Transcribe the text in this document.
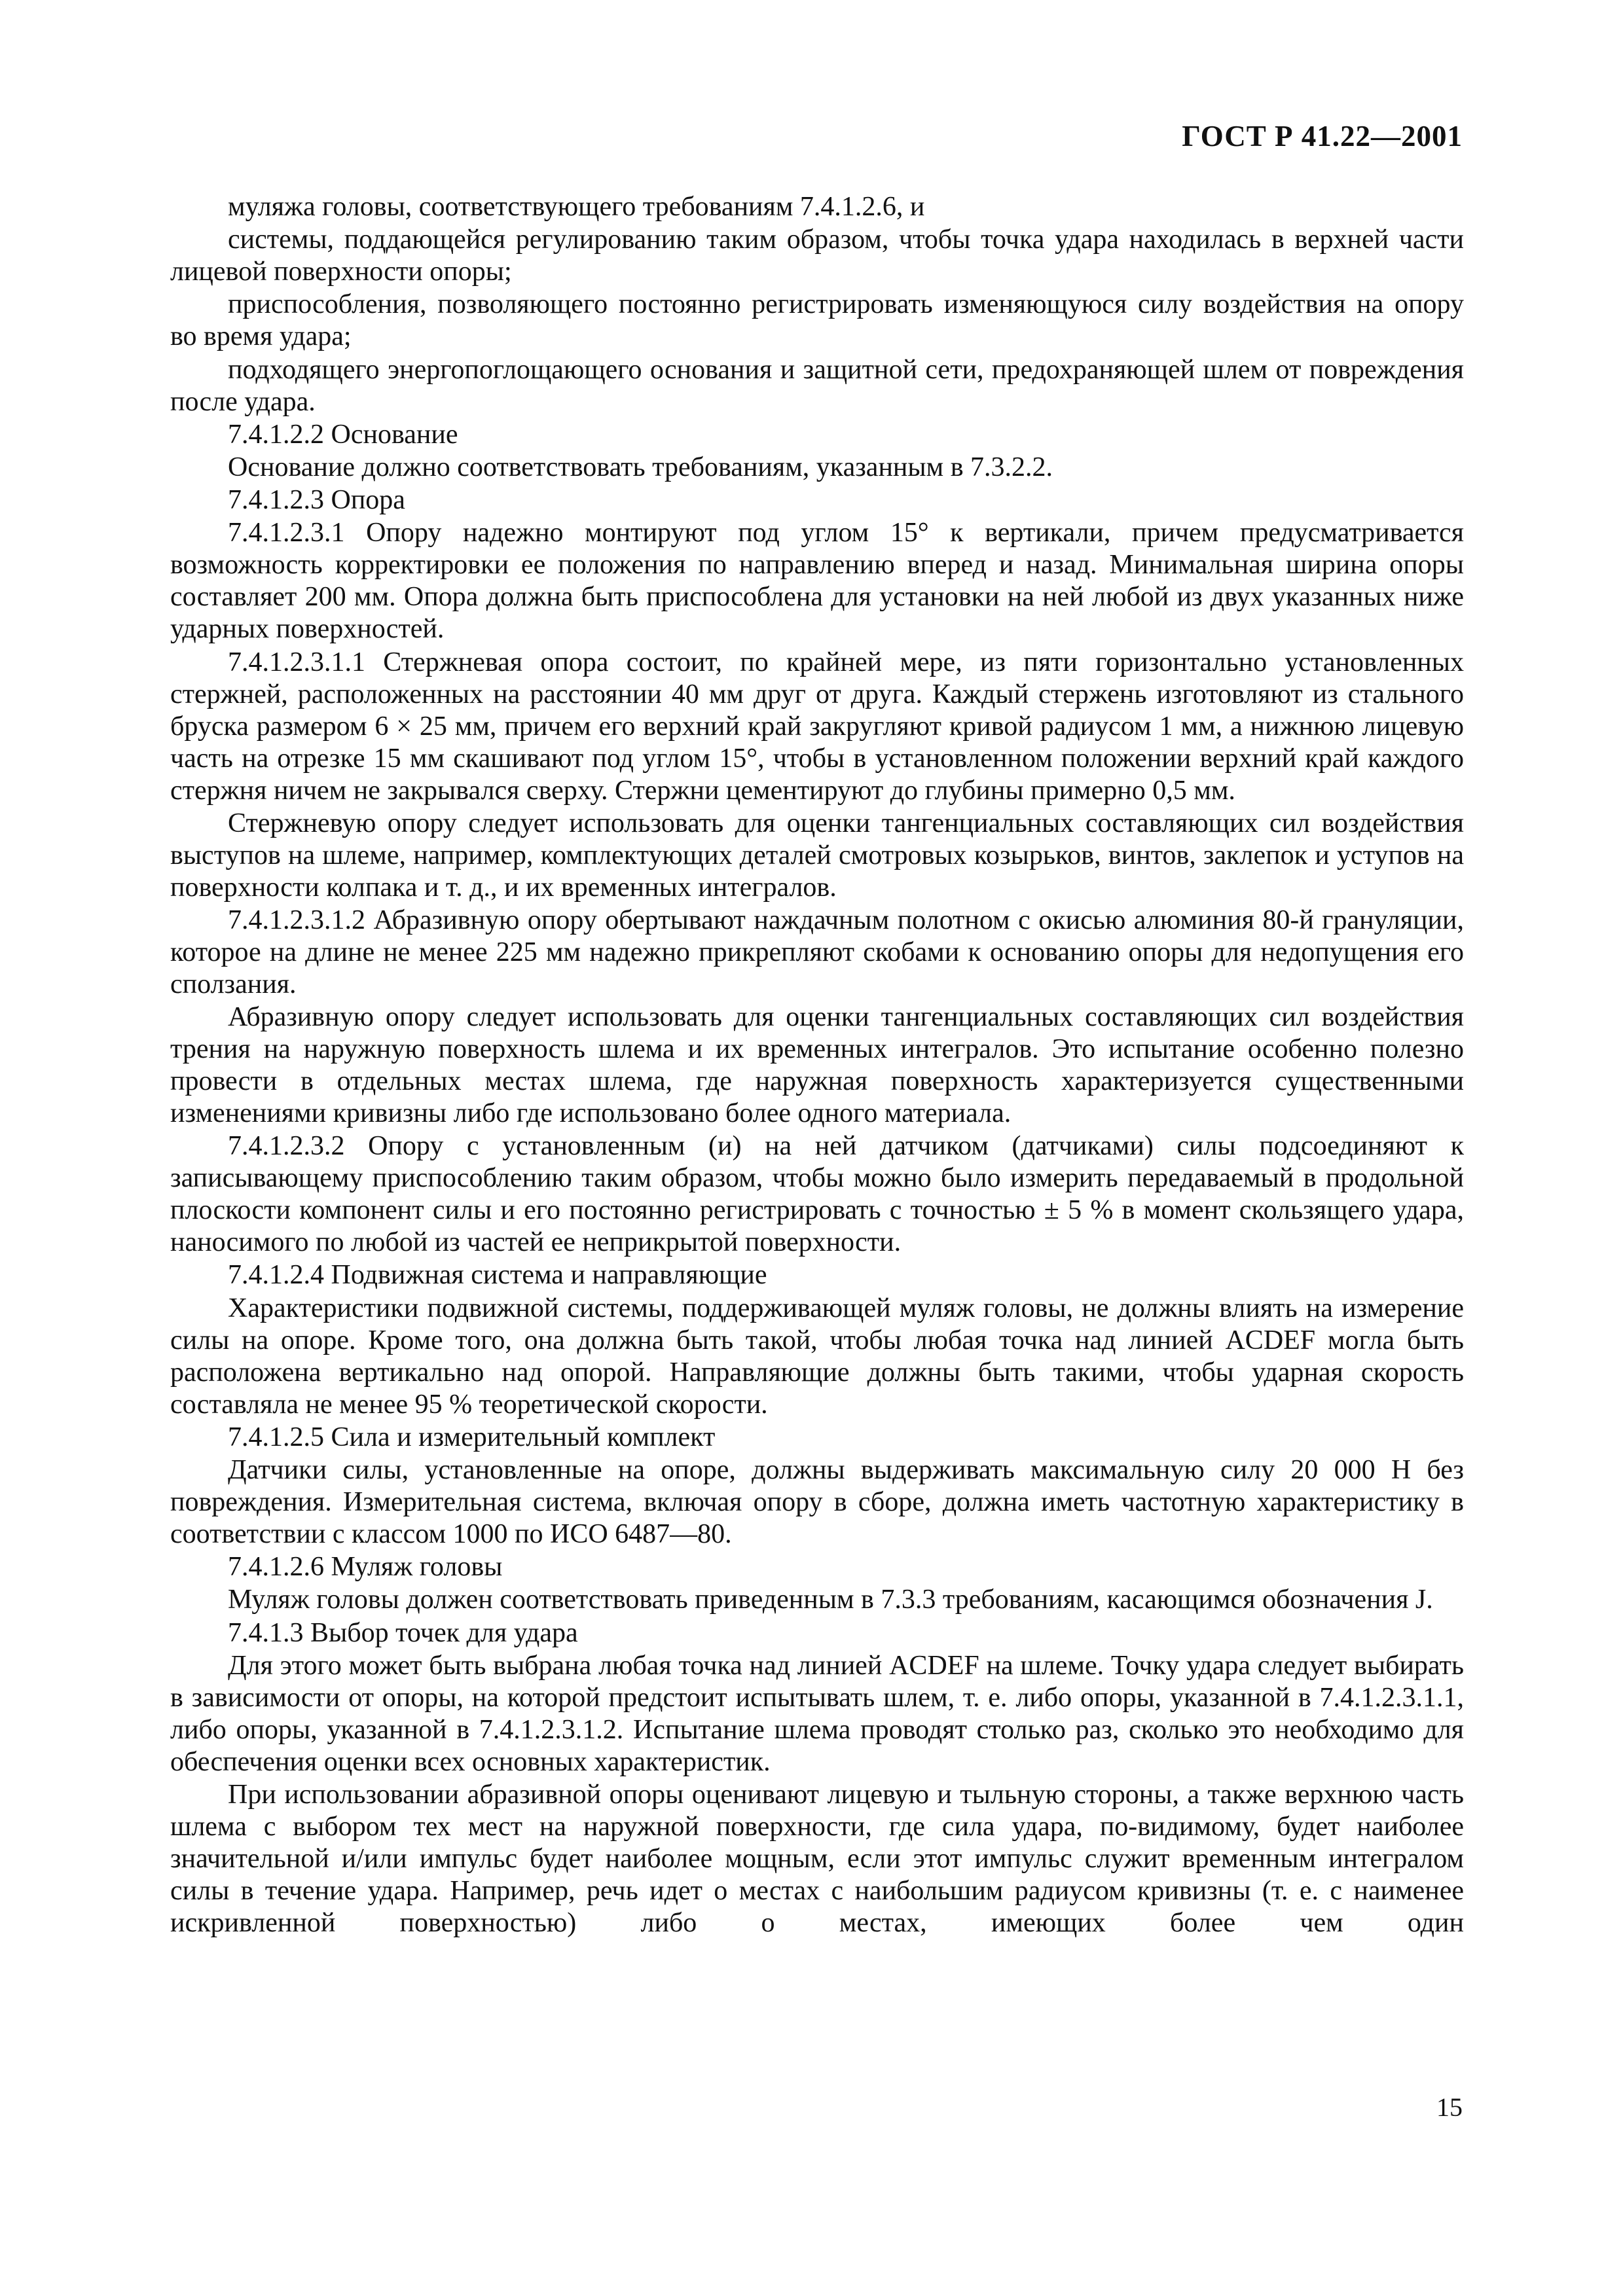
ГОСТ Р 41.22—2001

муляжа головы, соответствующего требованиям 7.4.1.2.6, и

системы, поддающейся регулированию таким образом, чтобы точка удара находилась в верхней части лицевой поверхности опоры;

приспособления, позволяющего постоянно регистрировать изменяющуюся силу воздействия на опору во время удара;

подходящего энергопоглощающего основания и защитной сети, предохраняющей шлем от повреждения после удара.

7.4.1.2.2 Основание

Основание должно соответствовать требованиям, указанным в 7.3.2.2.

7.4.1.2.3 Опора

7.4.1.2.3.1 Опору надежно монтируют под углом 15° к вертикали, причем предусматривается возможность корректировки ее положения по направлению вперед и назад. Минимальная ширина опоры составляет 200 мм. Опора должна быть приспособлена для установки на ней любой из двух указанных ниже ударных поверхностей.

7.4.1.2.3.1.1 Стержневая опора состоит, по крайней мере, из пяти горизонтально установленных стержней, расположенных на расстоянии 40 мм друг от друга. Каждый стержень изготовляют из стального бруска размером 6 × 25 мм, причем его верхний край закругляют кривой радиусом 1 мм, а нижнюю лицевую часть на отрезке 15 мм скашивают под углом 15°, чтобы в установленном положении верхний край каждого стержня ничем не закрывался сверху. Стержни цементируют до глубины примерно 0,5 мм.

Стержневую опору следует использовать для оценки тангенциальных составляющих сил воздействия выступов на шлеме, например, комплектующих деталей смотровых козырьков, винтов, заклепок и уступов на поверхности колпака и т. д., и их временных интегралов.

7.4.1.2.3.1.2 Абразивную опору обертывают наждачным полотном с окисью алюминия 80-й грануляции, которое на длине не менее 225 мм надежно прикрепляют скобами к основанию опоры для недопущения его сползания.

Абразивную опору следует использовать для оценки тангенциальных составляющих сил воздействия трения на наружную поверхность шлема и их временных интегралов. Это испытание особенно полезно провести в отдельных местах шлема, где наружная поверхность характеризуется существенными изменениями кривизны либо где использовано более одного материала.

7.4.1.2.3.2 Опору с установленным (и) на ней датчиком (датчиками) силы подсоединяют к записывающему приспособлению таким образом, чтобы можно было измерить передаваемый в продольной плоскости компонент силы и его постоянно регистрировать с точностью ± 5 % в момент скользящего удара, наносимого по любой из частей ее неприкрытой поверхности.

7.4.1.2.4 Подвижная система и направляющие

Характеристики подвижной системы, поддерживающей муляж головы, не должны влиять на измерение силы на опоре. Кроме того, она должна быть такой, чтобы любая точка над линией ACDEF могла быть расположена вертикально над опорой. Направляющие должны быть такими, чтобы ударная скорость составляла не менее 95 % теоретической скорости.

7.4.1.2.5 Сила и измерительный комплект

Датчики силы, установленные на опоре, должны выдерживать максимальную силу 20 000 Н без повреждения. Измерительная система, включая опору в сборе, должна иметь частотную характеристику в соответствии с классом 1000 по ИСО 6487—80.

7.4.1.2.6 Муляж головы

Муляж головы должен соответствовать приведенным в 7.3.3 требованиям, касающимся обозначения J.

7.4.1.3 Выбор точек для удара

Для этого может быть выбрана любая точка над линией ACDEF на шлеме. Точку удара следует выбирать в зависимости от опоры, на которой предстоит испытывать шлем, т. е. либо опоры, указанной в 7.4.1.2.3.1.1, либо опоры, указанной в 7.4.1.2.3.1.2. Испытание шлема проводят столько раз, сколько это необходимо для обеспечения оценки всех основных характеристик.

При использовании абразивной опоры оценивают лицевую и тыльную стороны, а также верхнюю часть шлема с выбором тех мест на наружной поверхности, где сила удара, по-видимому, будет наиболее значительной и/или импульс будет наиболее мощным, если этот импульс служит временным интегралом силы в течение удара. Например, речь идет о местах с наибольшим радиусом кривизны (т. е. с наименее искривленной поверхностью) либо о местах, имеющих более чем один

15
